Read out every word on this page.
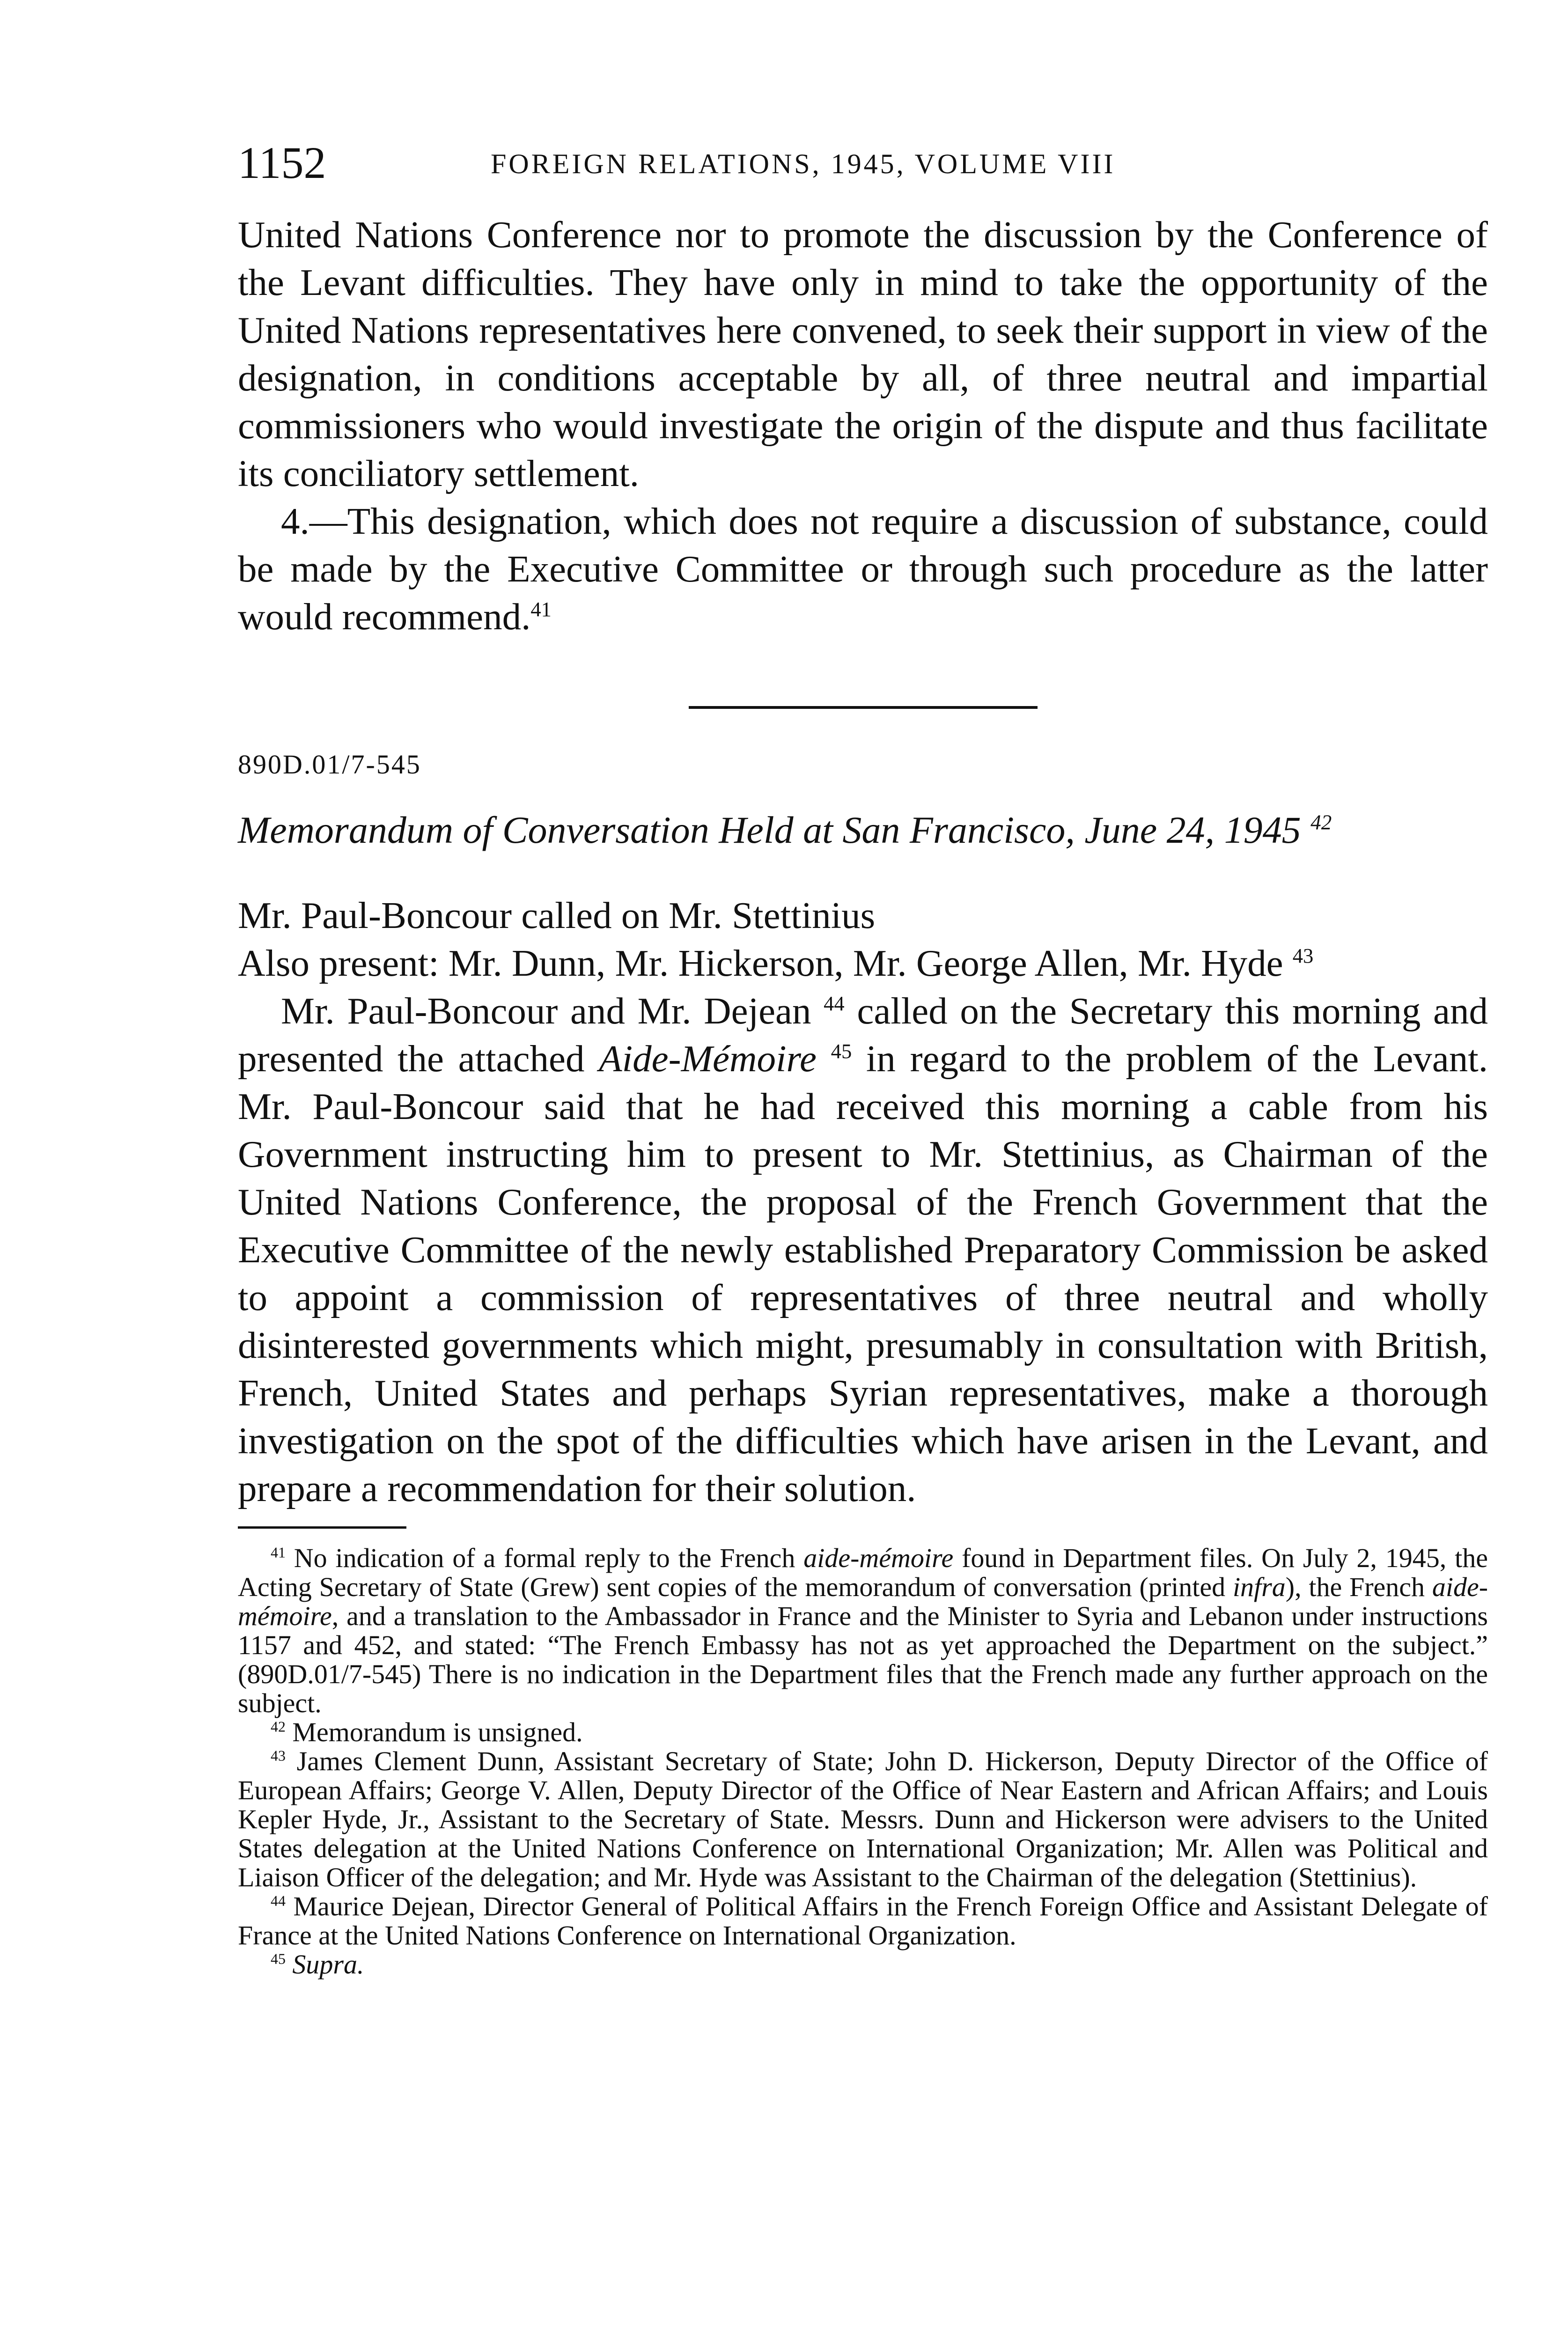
1152	FOREIGN RELATIONS, 1945, VOLUME VIII

United Nations Conference nor to promote the discussion by the Conference of the Levant difficulties. They have only in mind to take the opportunity of the United Nations representatives here convened, to seek their support in view of the designation, in conditions acceptable by all, of three neutral and impartial commissioners who would investigate the origin of the dispute and thus facilitate its conciliatory settlement.

4.—This designation, which does not require a discussion of substance, could be made by the Executive Committee or through such procedure as the latter would recommend.$^{41}$

890D.01/7-545
Memorandum of Conversation Held at San Francisco, June 24, 1945 $^{42}$

Mr. Paul-Boncour called on Mr. Stettinius

Also present: Mr. Dunn, Mr. Hickerson, Mr. George Allen, Mr. Hyde $^{43}$

Mr. Paul-Boncour and Mr. Dejean $^{44}$ called on the Secretary this morning and presented the attached Aide-Mémoire $^{45}$ in regard to the problem of the Levant. Mr. Paul-Boncour said that he had received this morning a cable from his Government instructing him to present to Mr. Stettinius, as Chairman of the United Nations Conference, the proposal of the French Government that the Executive Committee of the newly established Preparatory Commission be asked to appoint a commission of representatives of three neutral and wholly disinterested governments which might, presumably in consultation with British, French, United States and perhaps Syrian representatives, make a thorough investigation on the spot of the difficulties which have arisen in the Levant, and prepare a recommendation for their solution.

$^{41}$ No indication of a formal reply to the French aide-mémoire found in Department files. On July 2, 1945, the Acting Secretary of State (Grew) sent copies of the memorandum of conversation (printed infra), the French aide-mémoire, and a translation to the Ambassador in France and the Minister to Syria and Lebanon under instructions 1157 and 452, and stated: “The French Embassy has not as yet approached the Department on the subject.” (890D.01/7-545) There is no indication in the Department files that the French made any further approach on the subject.

$^{42}$ Memorandum is unsigned.

$^{43}$ James Clement Dunn, Assistant Secretary of State; John D. Hickerson, Deputy Director of the Office of European Affairs; George V. Allen, Deputy Director of the Office of Near Eastern and African Affairs; and Louis Kepler Hyde, Jr., Assistant to the Secretary of State. Messrs. Dunn and Hickerson were advisers to the United States delegation at the United Nations Conference on International Organization; Mr. Allen was Political and Liaison Officer of the delegation; and Mr. Hyde was Assistant to the Chairman of the delegation (Stettinius).

$^{44}$ Maurice Dejean, Director General of Political Affairs in the French Foreign Office and Assistant Delegate of France at the United Nations Conference on International Organization.

$^{45}$ Supra.
